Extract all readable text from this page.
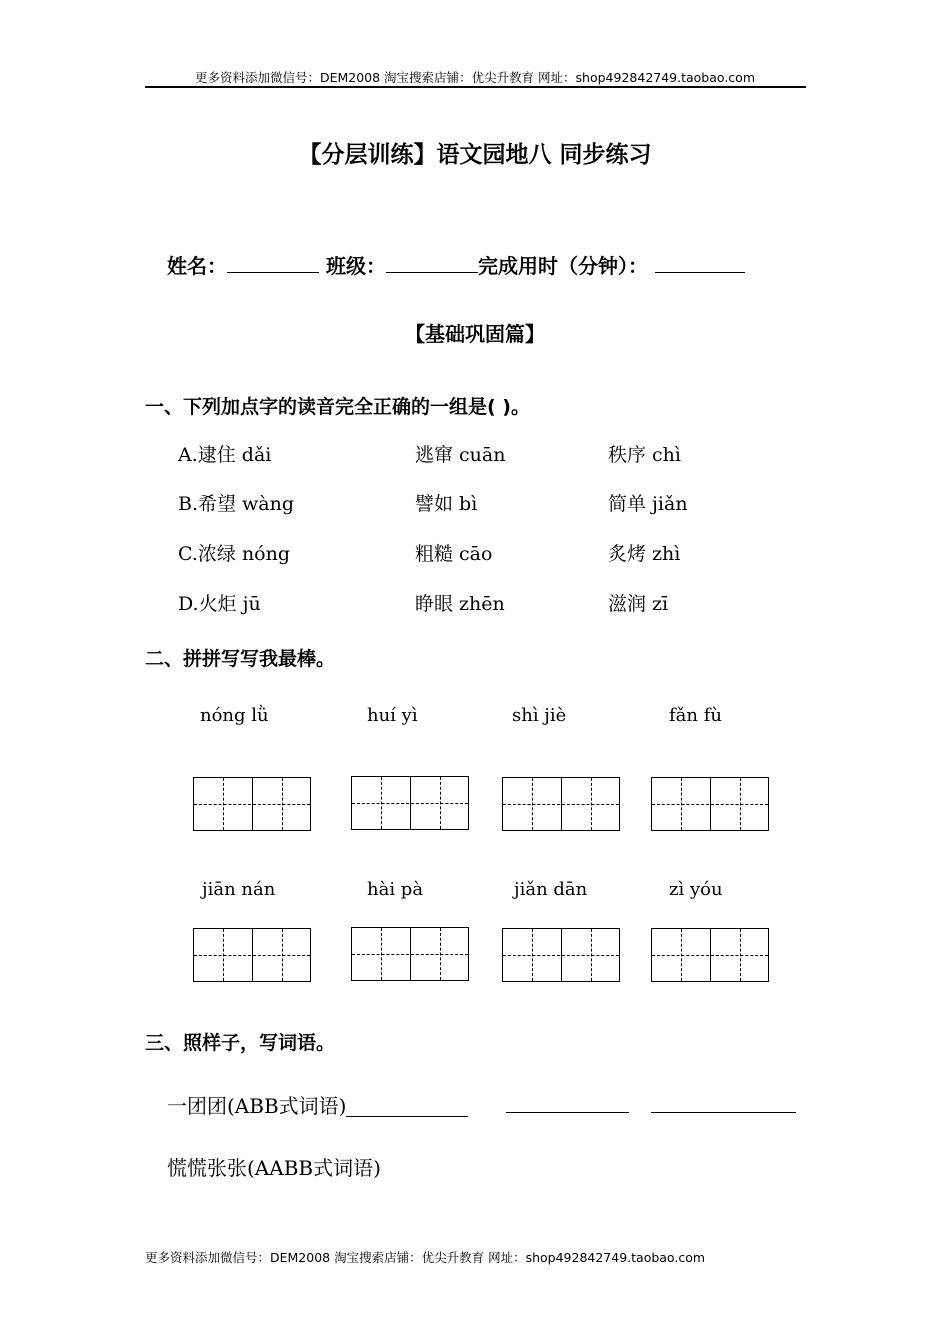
更多资料添加微信号：DEM2008 淘宝搜索店铺：优尖升教育 网址：shop492842749.taobao.com
【分层训练】语文园地八 同步练习
姓名：	班级：	完成用时（分钟）：
【基础巩固篇】
一、下列加点字的读音完全正确的一组是( )。
A.逮住 dǎi	逃窜 cuān	秩序 chì
B.希望 wàng	譬如 bì	简单 jiǎn
C.浓绿 nóng	粗糙 cāo	炙烤 zhì
D.火炬 jū	睁眼 zhēn	滋润 zī
二、拼拼写写我最棒。
nóng lǜ	huí yì	shì jiè	fǎn fù
jiān nán	hài pà	jiǎn dān	zì yóu
三、照样子，写词语。
一团团(ABB式词语)
慌慌张张(AABB式词语)
更多资料添加微信号：DEM2008 淘宝搜索店铺：优尖升教育 网址：shop492842749.taobao.com
